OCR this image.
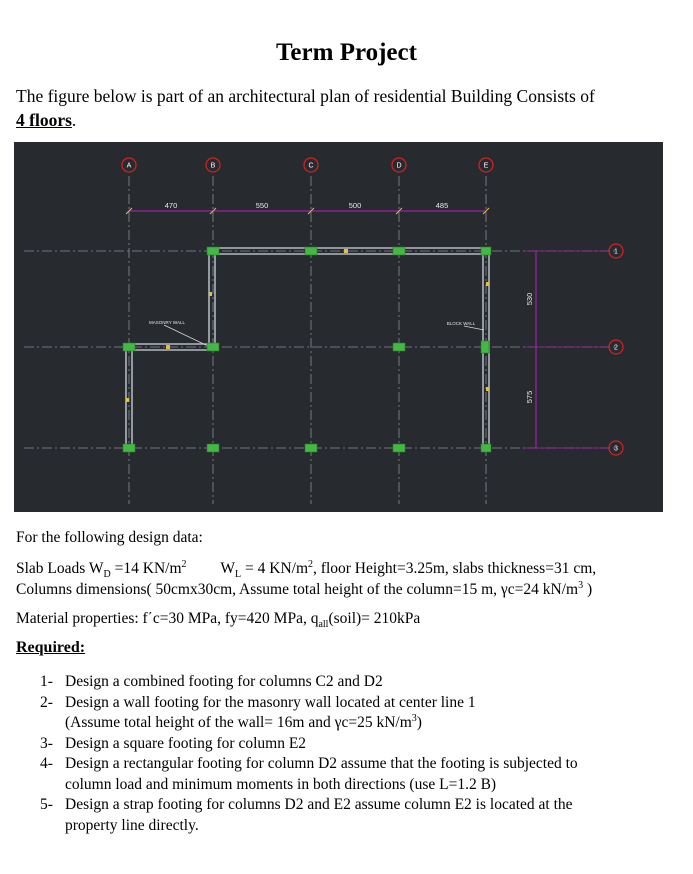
Term Project
The figure below is part of an architectural plan of residential Building Consists of
4 floors.
A	B	C	D	E
1
2
3
470	550	500	485
530
575
MASONRY WALL	BLOCK WALL
For the following design data:
Slab Loads $W_D =14$ $KN/m^2$ $W_L = 4$ $KN/m^2$, floor Height=3.25m, slabs thickness=31 cm,
Columns dimensions( 50cmx30cm, Assume total height of the column=15 m, γc=24 $kN/m^3$ )
Material properties: f΄c=30 MPa, fy=420 MPa, $q_{all}(soil)= 210kPa$
Required:
1- Design a combined footing for columns C2 and D2
2- Design a wall footing for the masonry wall located at center line 1
(Assume total height of the wall= 16m and γc=25 $kN/m^3$)
3- Design a square footing for column E2
4- Design a rectangular footing for column D2 assume that the footing is subjected to
column load and minimum moments in both directions (use L=1.2 B)
5- Design a strap footing for columns D2 and E2 assume column E2 is located at the
property line directly.
